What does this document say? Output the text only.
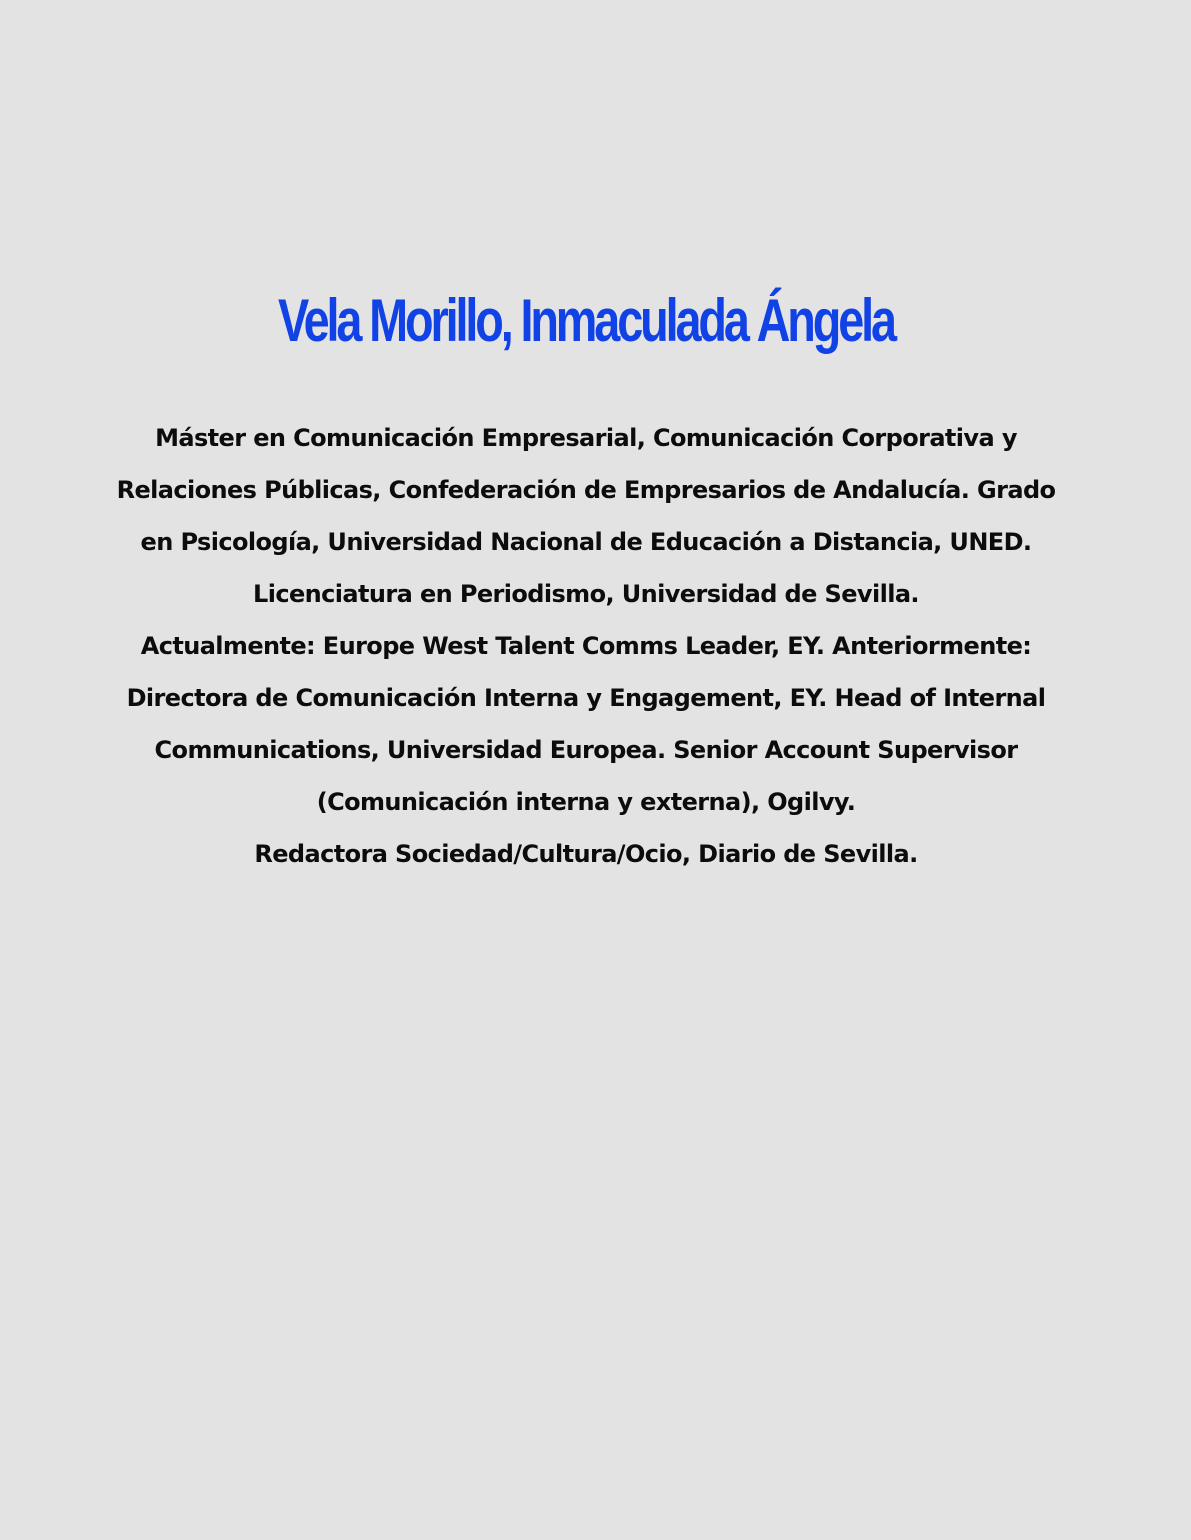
Vela Morillo, Inmaculada Ángela

Máster en Comunicación Empresarial, Comunicación Corporativa y

Relaciones Públicas, Confederación de Empresarios de Andalucía. Grado

en Psicología, Universidad Nacional de Educación a Distancia, UNED.

Licenciatura en Periodismo, Universidad de Sevilla.

Actualmente: Europe West Talent Comms Leader, EY. Anteriormente:

Directora de Comunicación Interna y Engagement, EY. Head of Internal

Communications, Universidad Europea. Senior Account Supervisor

(Comunicación interna y externa), Ogilvy.

Redactora Sociedad/Cultura/Ocio, Diario de Sevilla.
